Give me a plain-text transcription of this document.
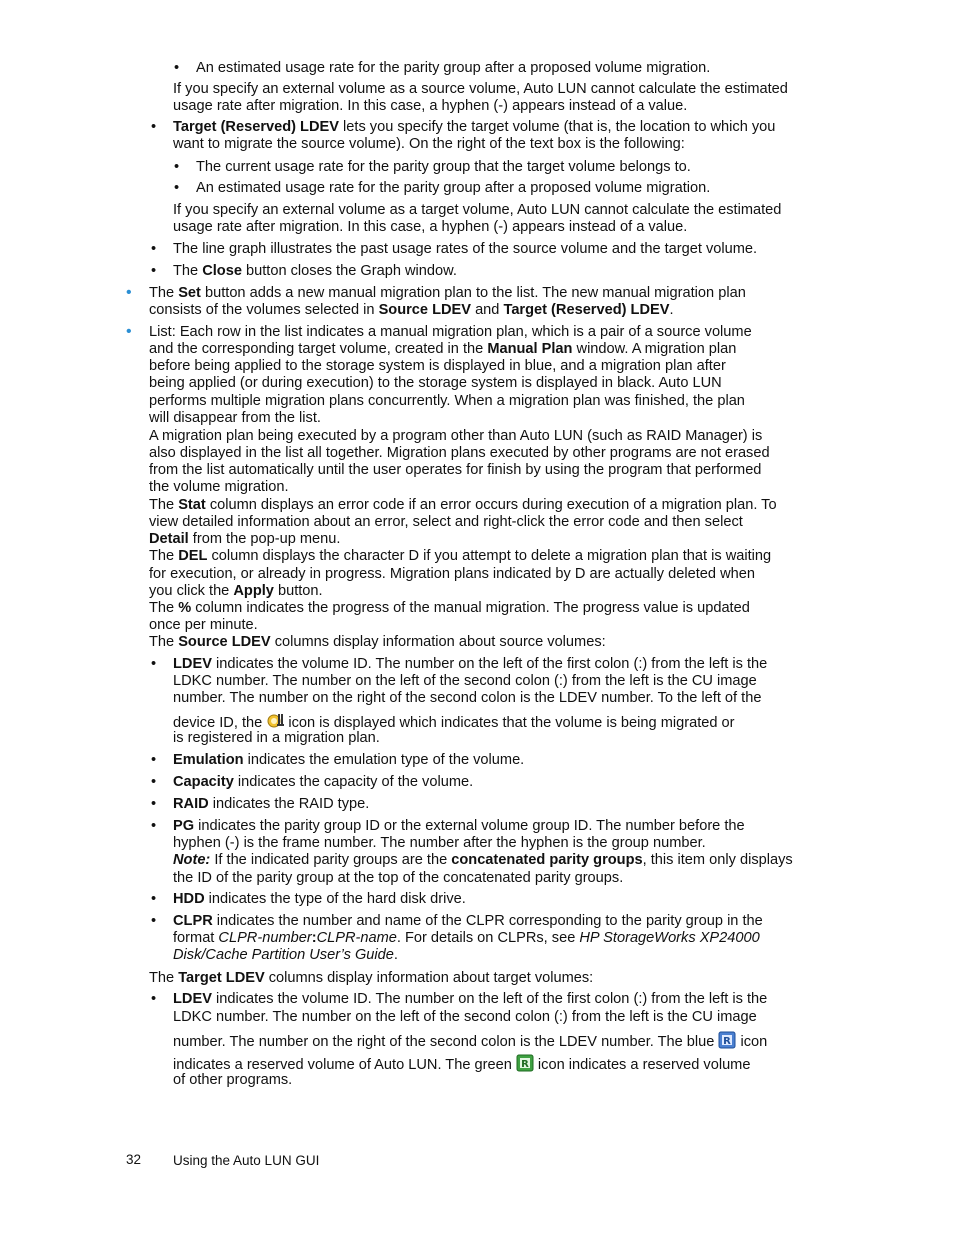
• An estimated usage rate for the parity group after a proposed volume migration.
If you specify an external volume as a source volume, Auto LUN cannot calculate the estimated
usage rate after migration. In this case, a hyphen (-) appears instead of a value.
• Target (Reserved) LDEV lets you specify the target volume (that is, the location to which you
want to migrate the source volume). On the right of the text box is the following:
• The current usage rate for the parity group that the target volume belongs to.
• An estimated usage rate for the parity group after a proposed volume migration.
If you specify an external volume as a target volume, Auto LUN cannot calculate the estimated
usage rate after migration. In this case, a hyphen (-) appears instead of a value.
• The line graph illustrates the past usage rates of the source volume and the target volume.
• The Close button closes the Graph window.
• The Set button adds a new manual migration plan to the list. The new manual migration plan
consists of the volumes selected in Source LDEV and Target (Reserved) LDEV.
• List: Each row in the list indicates a manual migration plan, which is a pair of a source volume
and the corresponding target volume, created in the Manual Plan window. A migration plan
before being applied to the storage system is displayed in blue, and a migration plan after
being applied (or during execution) to the storage system is displayed in black. Auto LUN
performs multiple migration plans concurrently. When a migration plan was finished, the plan
will disappear from the list.
A migration plan being executed by a program other than Auto LUN (such as RAID Manager) is
also displayed in the list all together. Migration plans executed by other programs are not erased
from the list automatically until the user operates for finish by using the program that performed
the volume migration.
The Stat column displays an error code if an error occurs during execution of a migration plan. To
view detailed information about an error, select and right-click the error code and then select
Detail from the pop-up menu.
The DEL column displays the character D if you attempt to delete a migration plan that is waiting
for execution, or already in progress. Migration plans indicated by D are actually deleted when
you click the Apply button.
The % column indicates the progress of the manual migration. The progress value is updated
once per minute.
The Source LDEV columns display information about source volumes:
• LDEV indicates the volume ID. The number on the left of the first colon (:) from the left is the
LDKC number. The number on the left of the second colon (:) from the left is the CU image
number. The number on the right of the second colon is the LDEV number. To the left of the
device ID, the  icon is displayed which indicates that the volume is being migrated or
is registered in a migration plan.
• Emulation indicates the emulation type of the volume.
• Capacity indicates the capacity of the volume.
• RAID indicates the RAID type.
• PG indicates the parity group ID or the external volume group ID. The number before the
hyphen (-) is the frame number. The number after the hyphen is the group number.
Note: If the indicated parity groups are the concatenated parity groups, this item only displays
the ID of the parity group at the top of the concatenated parity groups.
• HDD indicates the type of the hard disk drive.
• CLPR indicates the number and name of the CLPR corresponding to the parity group in the
format CLPR-number:CLPR-name. For details on CLPRs, see HP StorageWorks XP24000
Disk/Cache Partition User’s Guide.
The Target LDEV columns display information about target volumes:
• LDEV indicates the volume ID. The number on the left of the first colon (:) from the left is the
LDKC number. The number on the left of the second colon (:) from the left is the CU image
number. The number on the right of the second colon is the LDEV number. The blue R icon
indicates a reserved volume of Auto LUN. The green R icon indicates a reserved volume
of other programs.
32 Using the Auto LUN GUI
